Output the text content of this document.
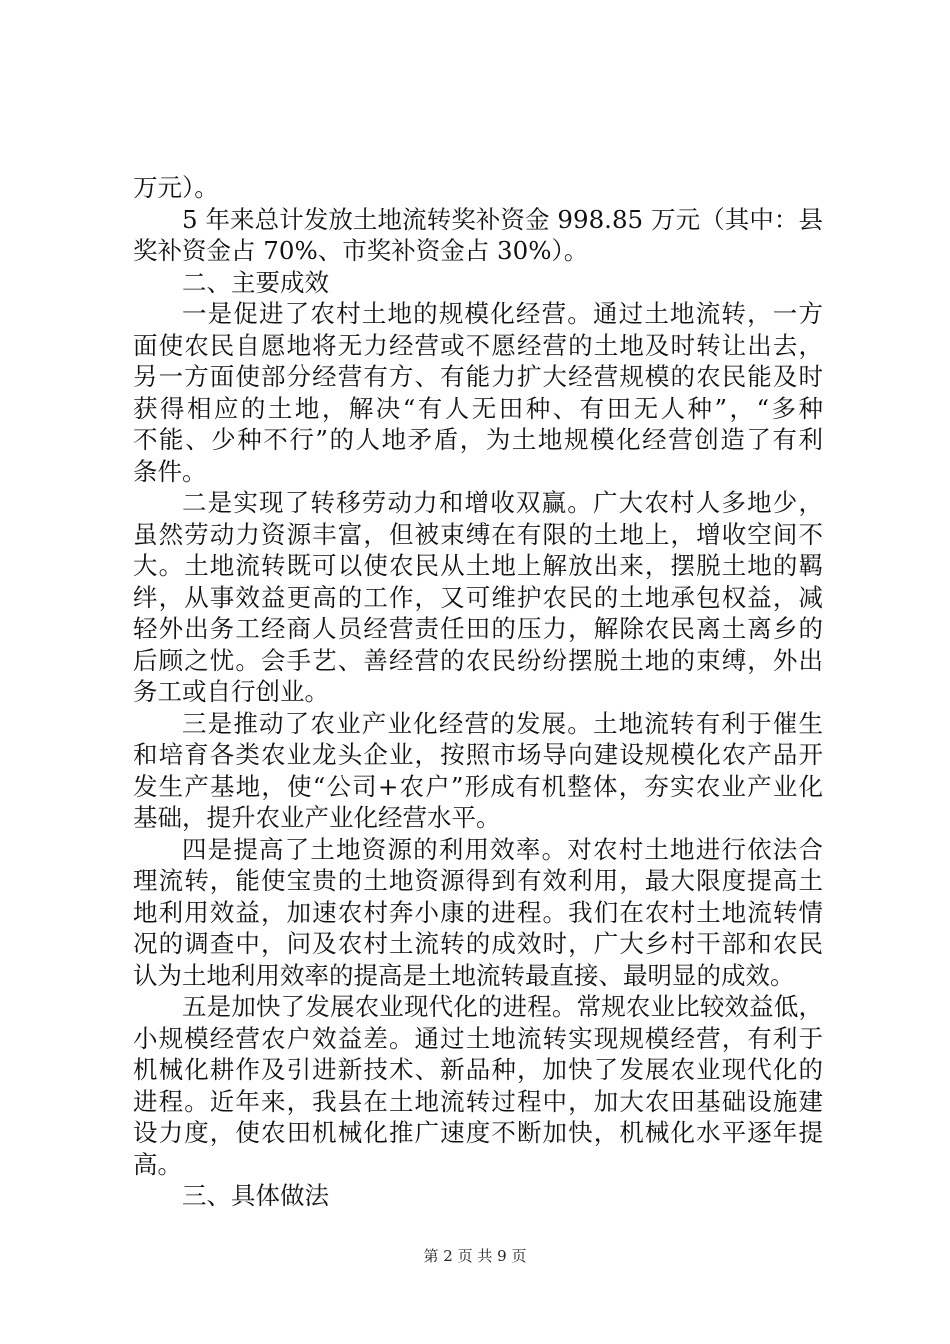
万元）。
5 年来总计发放土地流转奖补资金 998.85 万元（其中：县
奖补资金占 70%、市奖补资金占 30%）。
二、主要成效
一是促进了农村土地的规模化经营。通过土地流转，一方
面使农民自愿地将无力经营或不愿经营的土地及时转让出去，
另一方面使部分经营有方、有能力扩大经营规模的农民能及时
获得相应的土地，解决“有人无田种、有田无人种”，“多种
不能、少种不行”的人地矛盾，为土地规模化经营创造了有利
条件。
二是实现了转移劳动力和增收双赢。广大农村人多地少，
虽然劳动力资源丰富，但被束缚在有限的土地上，增收空间不
大。土地流转既可以使农民从土地上解放出来，摆脱土地的羁
绊，从事效益更高的工作，又可维护农民的土地承包权益，减
轻外出务工经商人员经营责任田的压力，解除农民离土离乡的
后顾之忧。会手艺、善经营的农民纷纷摆脱土地的束缚，外出
务工或自行创业。
三是推动了农业产业化经营的发展。土地流转有利于催生
和培育各类农业龙头企业，按照市场导向建设规模化农产品开
发生产基地，使“公司+农户”形成有机整体，夯实农业产业化
基础，提升农业产业化经营水平。
四是提高了土地资源的利用效率。对农村土地进行依法合
理流转，能使宝贵的土地资源得到有效利用，最大限度提高土
地利用效益，加速农村奔小康的进程。我们在农村土地流转情
况的调查中，问及农村土流转的成效时，广大乡村干部和农民
认为土地利用效率的提高是土地流转最直接、最明显的成效。
五是加快了发展农业现代化的进程。常规农业比较效益低，
小规模经营农户效益差。通过土地流转实现规模经营，有利于
机械化耕作及引进新技术、新品种，加快了发展农业现代化的
进程。近年来，我县在土地流转过程中，加大农田基础设施建
设力度，使农田机械化推广速度不断加快，机械化水平逐年提
高。
三、具体做法
第 2 页 共 9 页
